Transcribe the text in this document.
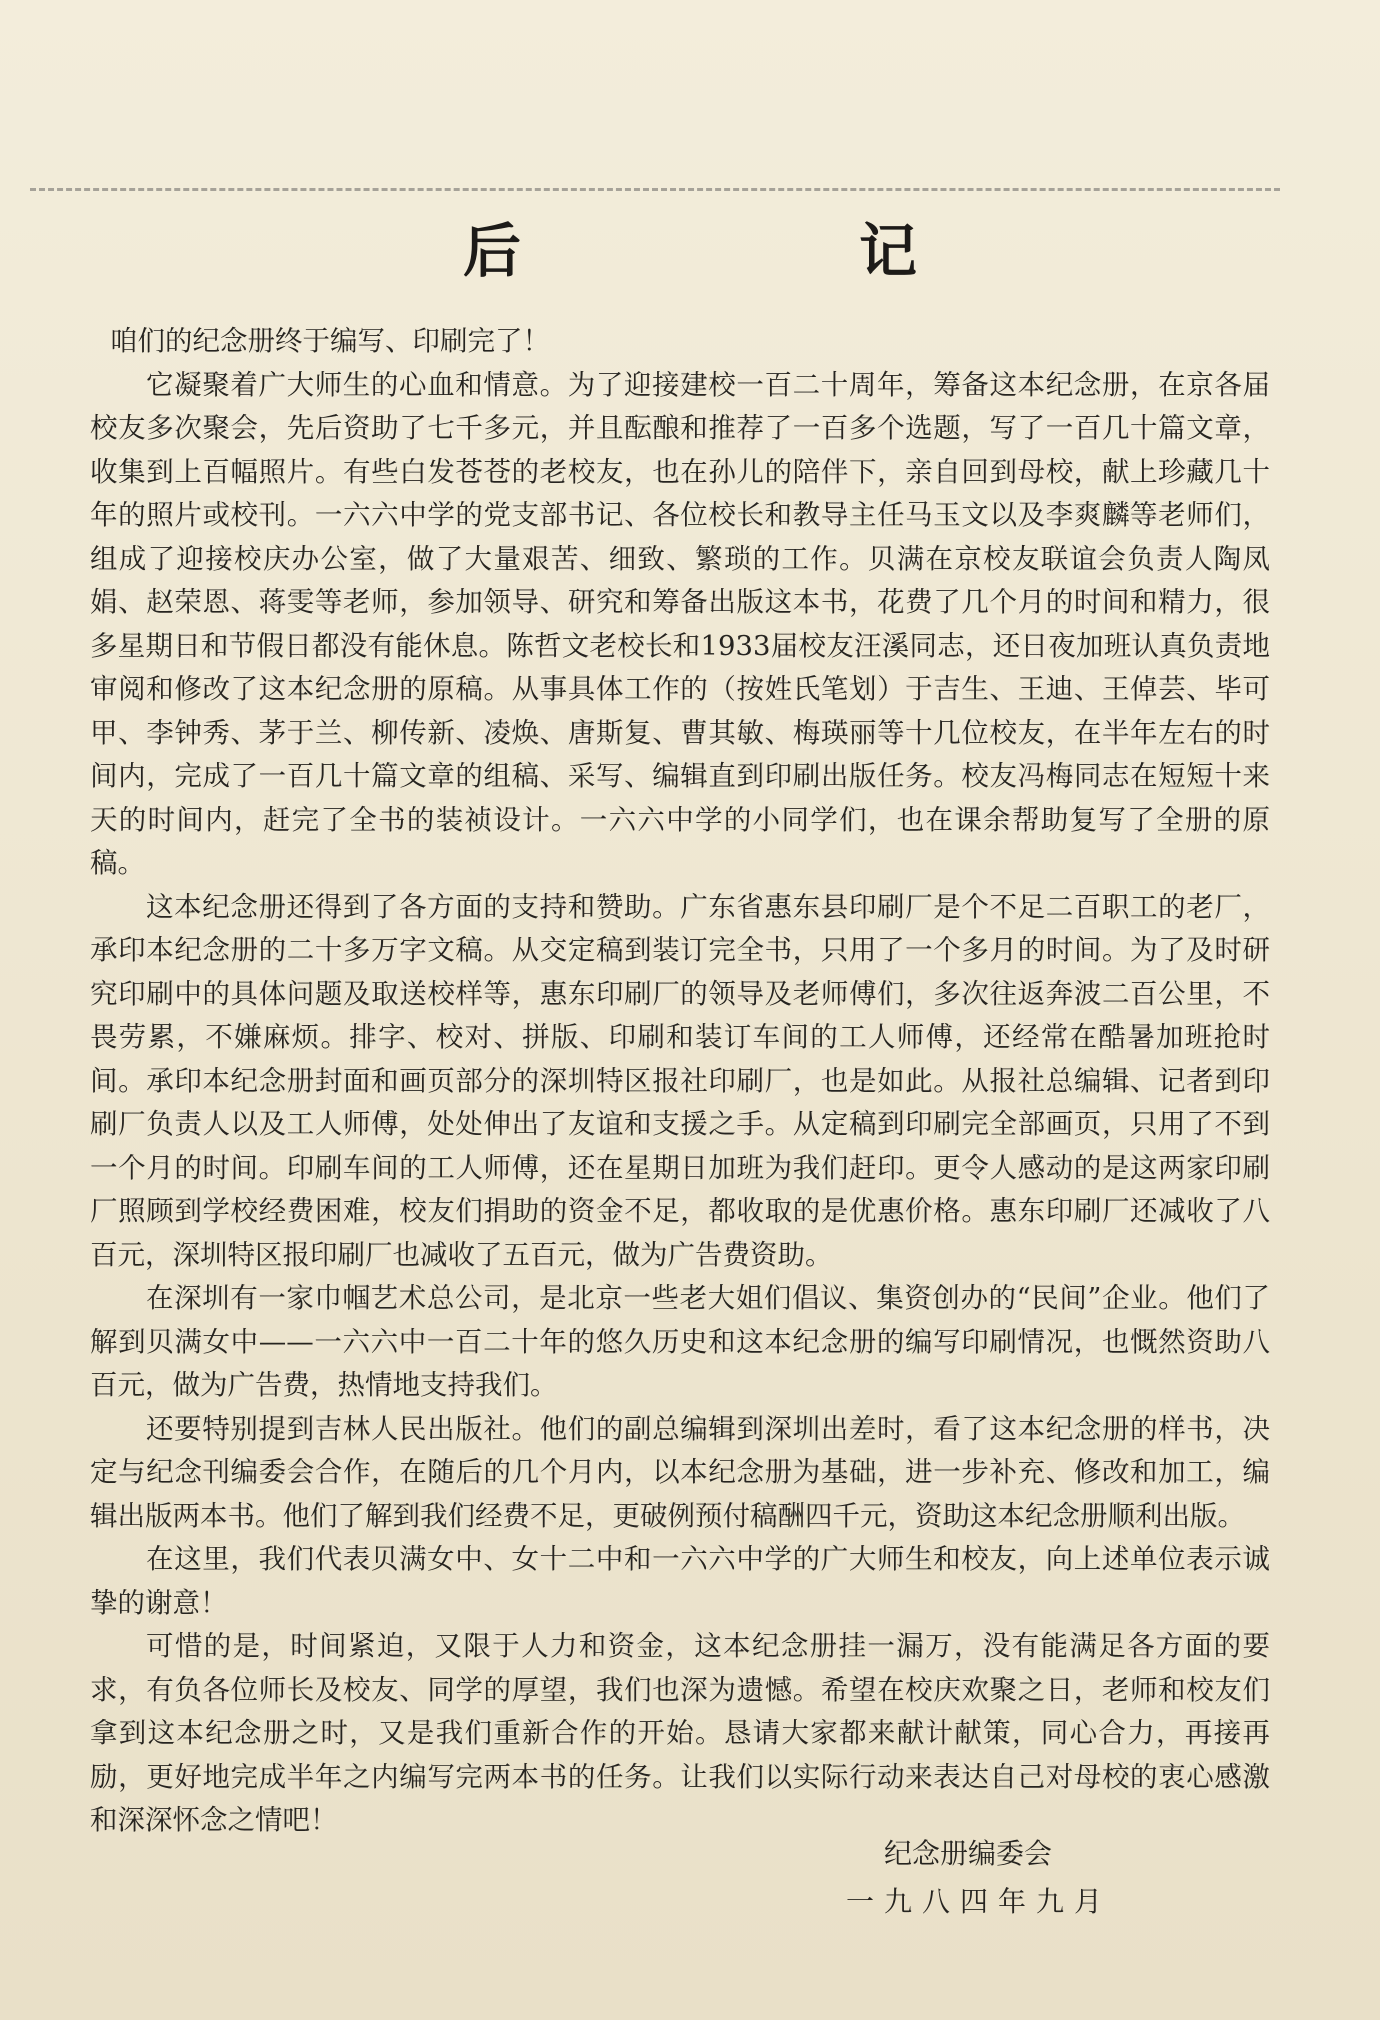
后　记

咱们的纪念册终于编写、印刷完了！

它凝聚着广大师生的心血和情意。为了迎接建校一百二十周年，筹备这本纪念册，在京各届校友多次聚会，先后资助了七千多元，并且酝酿和推荐了一百多个选题，写了一百几十篇文章，收集到上百幅照片。有些白发苍苍的老校友，也在孙儿的陪伴下，亲自回到母校，献上珍藏几十年的照片或校刊。一六六中学的党支部书记、各位校长和教导主任马玉文以及李爽麟等老师们，组成了迎接校庆办公室，做了大量艰苦、细致、繁琐的工作。贝满在京校友联谊会负责人陶凤娟、赵荣恩、蒋雯等老师，参加领导、研究和筹备出版这本书，花费了几个月的时间和精力，很多星期日和节假日都没有能休息。陈哲文老校长和1933届校友汪溪同志，还日夜加班认真负责地审阅和修改了这本纪念册的原稿。从事具体工作的（按姓氏笔划）于吉生、王迪、王倬芸、毕可甲、李钟秀、茅于兰、柳传新、凌焕、唐斯复、曹其敏、梅瑛丽等十几位校友，在半年左右的时间内，完成了一百几十篇文章的组稿、采写、编辑直到印刷出版任务。校友冯梅同志在短短十来天的时间内，赶完了全书的装祯设计。一六六中学的小同学们，也在课余帮助复写了全册的原稿。

这本纪念册还得到了各方面的支持和赞助。广东省惠东县印刷厂是个不足二百职工的老厂，承印本纪念册的二十多万字文稿。从交定稿到装订完全书，只用了一个多月的时间。为了及时研究印刷中的具体问题及取送校样等，惠东印刷厂的领导及老师傅们，多次往返奔波二百公里，不畏劳累，不嫌麻烦。排字、校对、拼版、印刷和装订车间的工人师傅，还经常在酷暑加班抢时间。承印本纪念册封面和画页部分的深圳特区报社印刷厂，也是如此。从报社总编辑、记者到印刷厂负责人以及工人师傅，处处伸出了友谊和支援之手。从定稿到印刷完全部画页，只用了不到一个月的时间。印刷车间的工人师傅，还在星期日加班为我们赶印。更令人感动的是这两家印刷厂照顾到学校经费困难，校友们捐助的资金不足，都收取的是优惠价格。惠东印刷厂还减收了八百元，深圳特区报印刷厂也减收了五百元，做为广告费资助。

在深圳有一家巾帼艺术总公司，是北京一些老大姐们倡议、集资创办的“民间”企业。他们了解到贝满女中——一六六中一百二十年的悠久历史和这本纪念册的编写印刷情况，也慨然资助八百元，做为广告费，热情地支持我们。

还要特别提到吉林人民出版社。他们的副总编辑到深圳出差时，看了这本纪念册的样书，决定与纪念刊编委会合作，在随后的几个月内，以本纪念册为基础，进一步补充、修改和加工，编辑出版两本书。他们了解到我们经费不足，更破例预付稿酬四千元，资助这本纪念册顺利出版。

在这里，我们代表贝满女中、女十二中和一六六中学的广大师生和校友，向上述单位表示诚挚的谢意！

可惜的是，时间紧迫，又限于人力和资金，这本纪念册挂一漏万，没有能满足各方面的要求，有负各位师长及校友、同学的厚望，我们也深为遗憾。希望在校庆欢聚之日，老师和校友们拿到这本纪念册之时，又是我们重新合作的开始。恳请大家都来献计献策，同心合力，再接再励，更好地完成半年之内编写完两本书的任务。让我们以实际行动来表达自己对母校的衷心感激和深深怀念之情吧！

纪念册编委会
一九八四年九月
